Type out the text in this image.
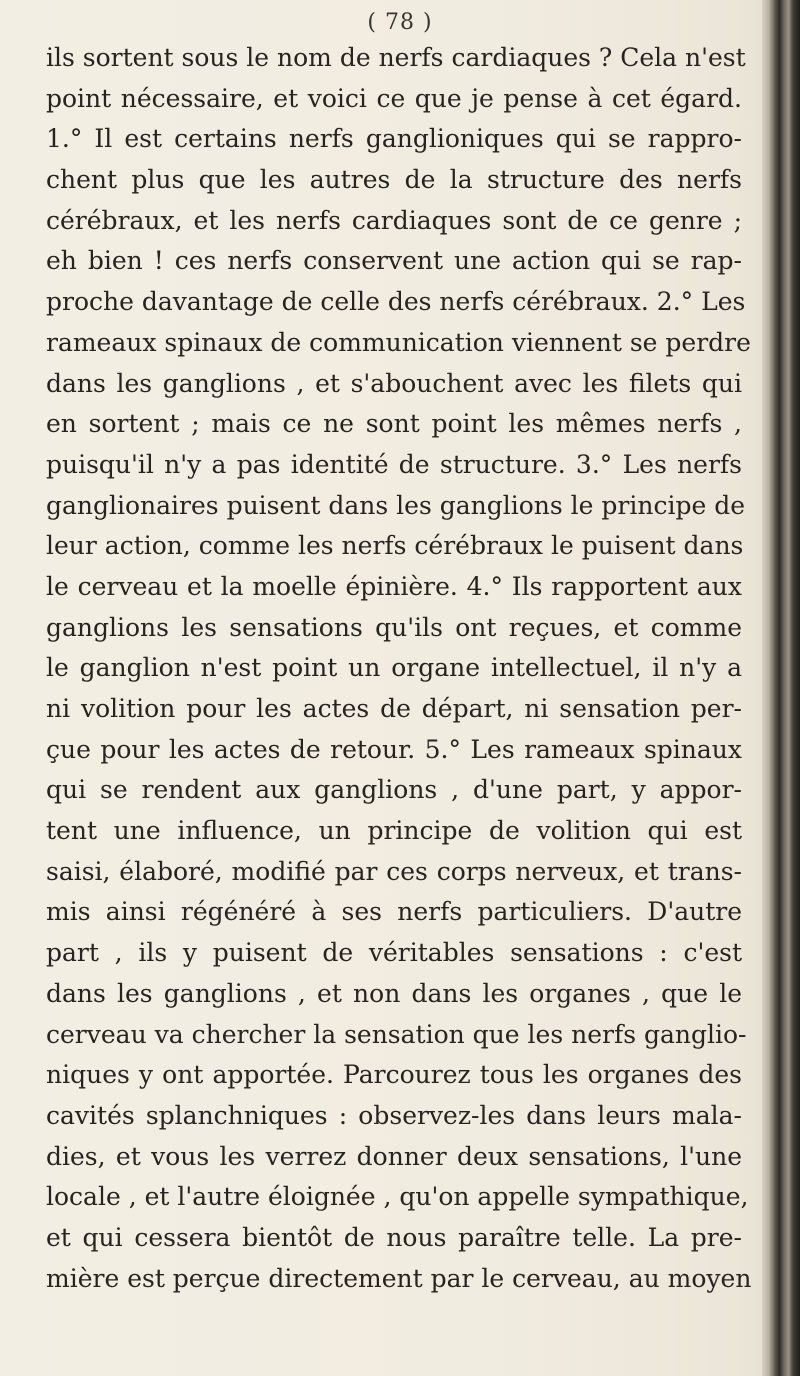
( 78 )
ils sortent sous le nom de nerfs cardiaques ? Cela n'est
point nécessaire, et voici ce que je pense à cet égard.
1.° Il est certains nerfs ganglioniques qui se rappro-
chent plus que les autres de la structure des nerfs
cérébraux, et les nerfs cardiaques sont de ce genre ;
eh bien ! ces nerfs conservent une action qui se rap-
proche davantage de celle des nerfs cérébraux. 2.° Les
rameaux spinaux de communication viennent se perdre
dans les ganglions , et s'abouchent avec les filets qui
en sortent ; mais ce ne sont point les mêmes nerfs ,
puisqu'il n'y a pas identité de structure. 3.° Les nerfs
ganglionaires puisent dans les ganglions le principe de
leur action, comme les nerfs cérébraux le puisent dans
le cerveau et la moelle épinière. 4.° Ils rapportent aux
ganglions les sensations qu'ils ont reçues, et comme
le ganglion n'est point un organe intellectuel, il n'y a
ni volition pour les actes de départ, ni sensation per-
çue pour les actes de retour. 5.° Les rameaux spinaux
qui se rendent aux ganglions , d'une part, y appor-
tent une influence, un principe de volition qui est
saisi, élaboré, modifié par ces corps nerveux, et trans-
mis ainsi régénéré à ses nerfs particuliers. D'autre
part , ils y puisent de véritables sensations : c'est
dans les ganglions , et non dans les organes , que le
cerveau va chercher la sensation que les nerfs ganglio-
niques y ont apportée. Parcourez tous les organes des
cavités splanchniques : observez-les dans leurs mala-
dies, et vous les verrez donner deux sensations, l'une
locale , et l'autre éloignée , qu'on appelle sympathique,
et qui cessera bientôt de nous paraître telle. La pre-
mière est perçue directement par le cerveau, au moyen
